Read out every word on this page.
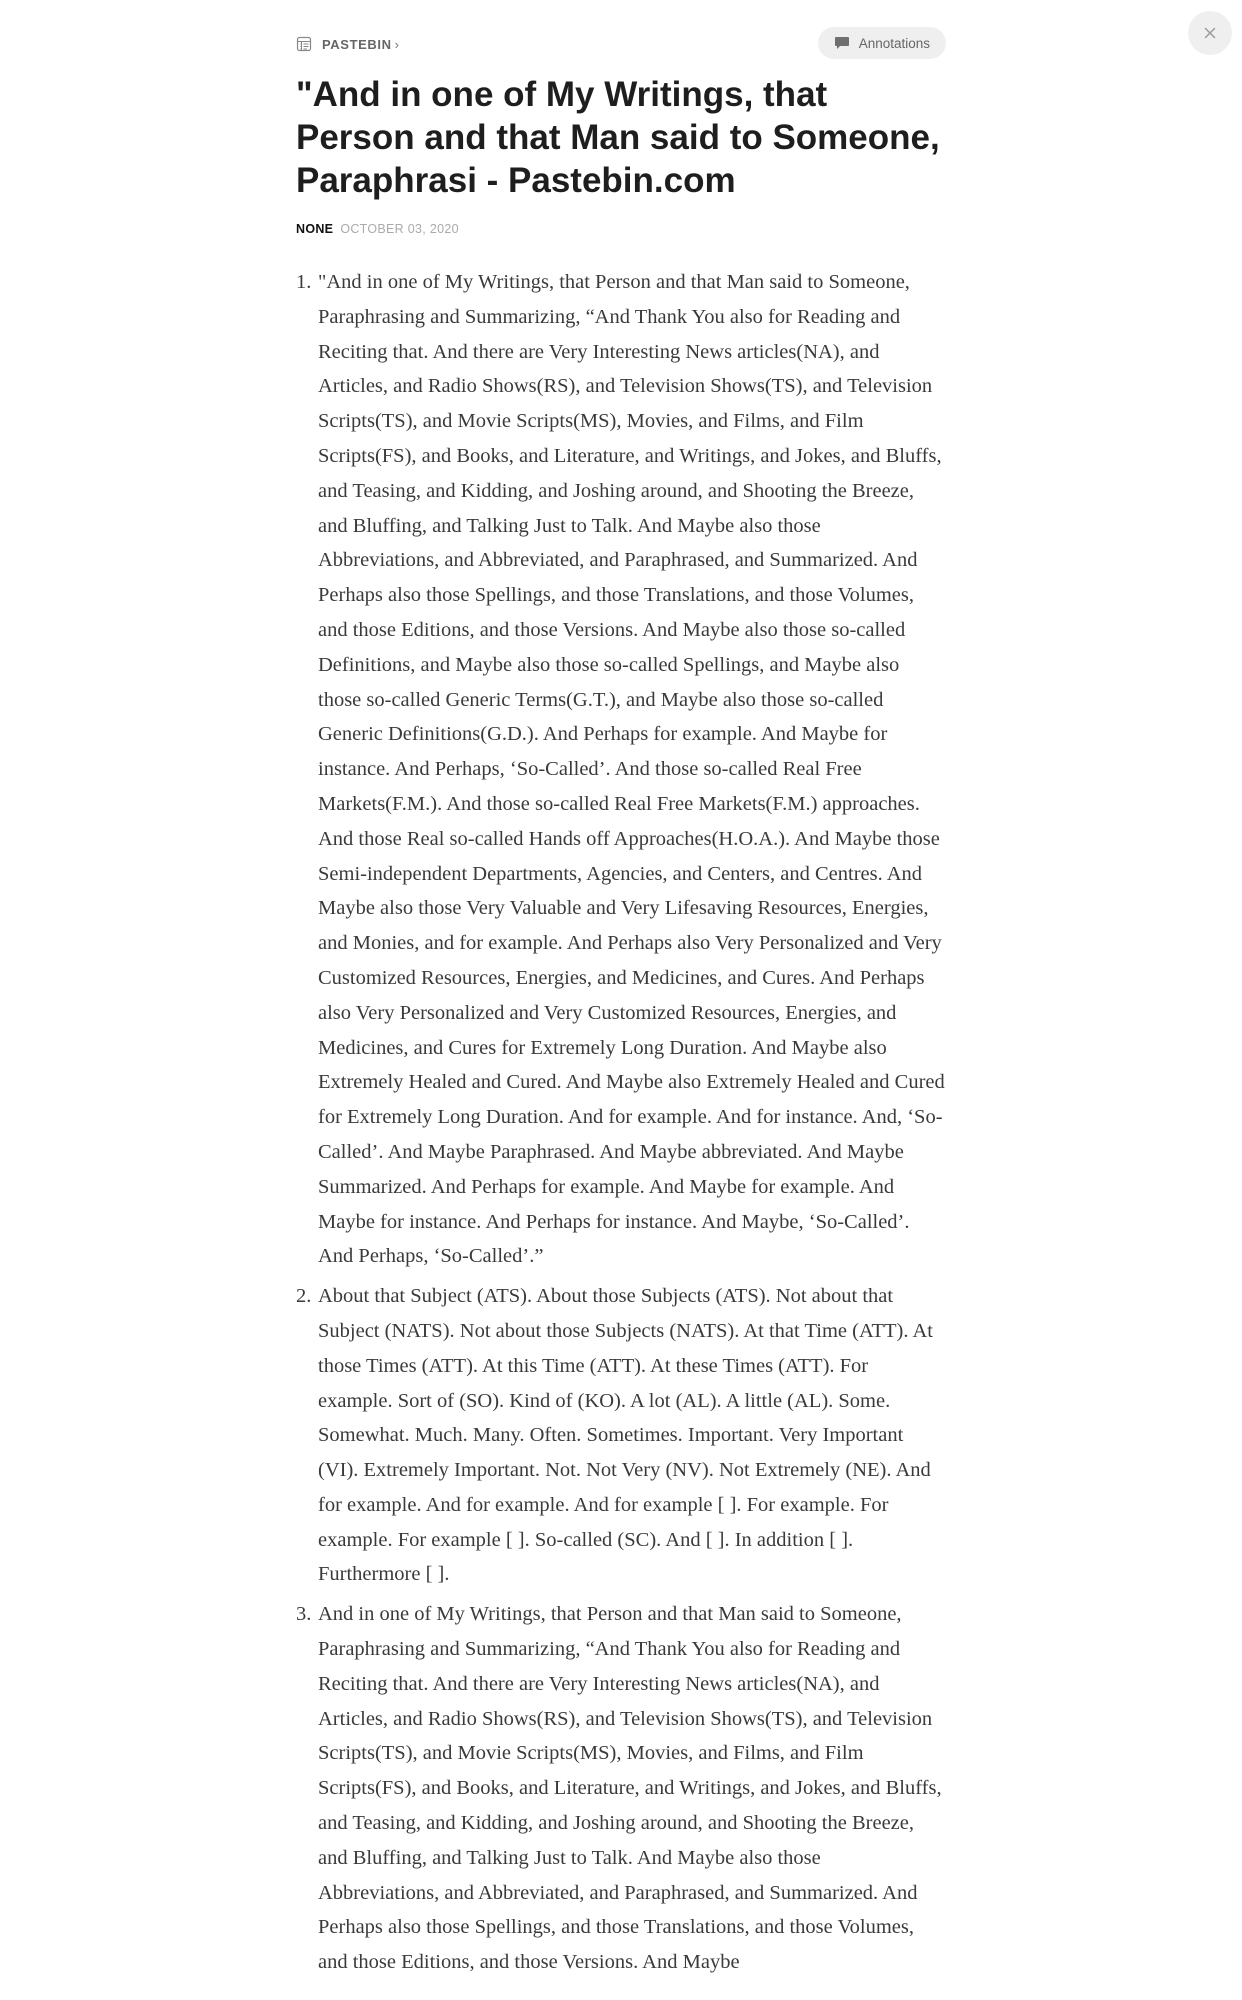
PASTEBIN ›	Annotations
"And in one of My Writings, that Person and that Man said to Someone, Paraphrasi - Pastebin.com
NONE OCTOBER 03, 2020
1. "And in one of My Writings, that Person and that Man said to Someone, Paraphrasing and Summarizing, “And Thank You also for Reading and Reciting that. And there are Very Interesting News articles(NA), and Articles, and Radio Shows(RS), and Television Shows(TS), and Television Scripts(TS), and Movie Scripts(MS), Movies, and Films, and Film Scripts(FS), and Books, and Literature, and Writings, and Jokes, and Bluffs, and Teasing, and Kidding, and Joshing around, and Shooting the Breeze, and Bluffing, and Talking Just to Talk. And Maybe also those Abbreviations, and Abbreviated, and Paraphrased, and Summarized. And Perhaps also those Spellings, and those Translations, and those Volumes, and those Editions, and those Versions. And Maybe also those so-called Definitions, and Maybe also those so-called Spellings, and Maybe also those so-called Generic Terms(G.T.), and Maybe also those so-called Generic Definitions(G.D.). And Perhaps for example. And Maybe for instance. And Perhaps, ‘So-Called’. And those so-called Real Free Markets(F.M.). And those so-called Real Free Markets(F.M.) approaches. And those Real so-called Hands off Approaches(H.O.A.). And Maybe those Semi-independent Departments, Agencies, and Centers, and Centres. And Maybe also those Very Valuable and Very Lifesaving Resources, Energies, and Monies, and for example. And Perhaps also Very Personalized and Very Customized Resources, Energies, and Medicines, and Cures. And Perhaps also Very Personalized and Very Customized Resources, Energies, and Medicines, and Cures for Extremely Long Duration. And Maybe also Extremely Healed and Cured. And Maybe also Extremely Healed and Cured for Extremely Long Duration. And for example. And for instance. And, ‘So-Called’. And Maybe Paraphrased. And Maybe abbreviated. And Maybe Summarized. And Perhaps for example. And Maybe for example. And Maybe for instance. And Perhaps for instance. And Maybe, ‘So-Called’. And Perhaps, ‘So-Called’.”
2. About that Subject (ATS). About those Subjects (ATS). Not about that Subject (NATS). Not about those Subjects (NATS). At that Time (ATT). At those Times (ATT). At this Time (ATT). At these Times (ATT). For example. Sort of (SO). Kind of (KO). A lot (AL). A little (AL). Some. Somewhat. Much. Many. Often. Sometimes. Important. Very Important (VI). Extremely Important. Not. Not Very (NV). Not Extremely (NE). And for example. And for example. And for example [ ]. For example. For example. For example [ ]. So-called (SC). And [ ]. In addition [ ]. Furthermore [ ].
3. And in one of My Writings, that Person and that Man said to Someone, Paraphrasing and Summarizing, “And Thank You also for Reading and Reciting that. And there are Very Interesting News articles(NA), and Articles, and Radio Shows(RS), and Television Shows(TS), and Television Scripts(TS), and Movie Scripts(MS), Movies, and Films, and Film Scripts(FS), and Books, and Literature, and Writings, and Jokes, and Bluffs, and Teasing, and Kidding, and Joshing around, and Shooting the Breeze, and Bluffing, and Talking Just to Talk. And Maybe also those Abbreviations, and Abbreviated, and Paraphrased, and Summarized. And Perhaps also those Spellings, and those Translations, and those Volumes, and those Editions, and those Versions. And Maybe
